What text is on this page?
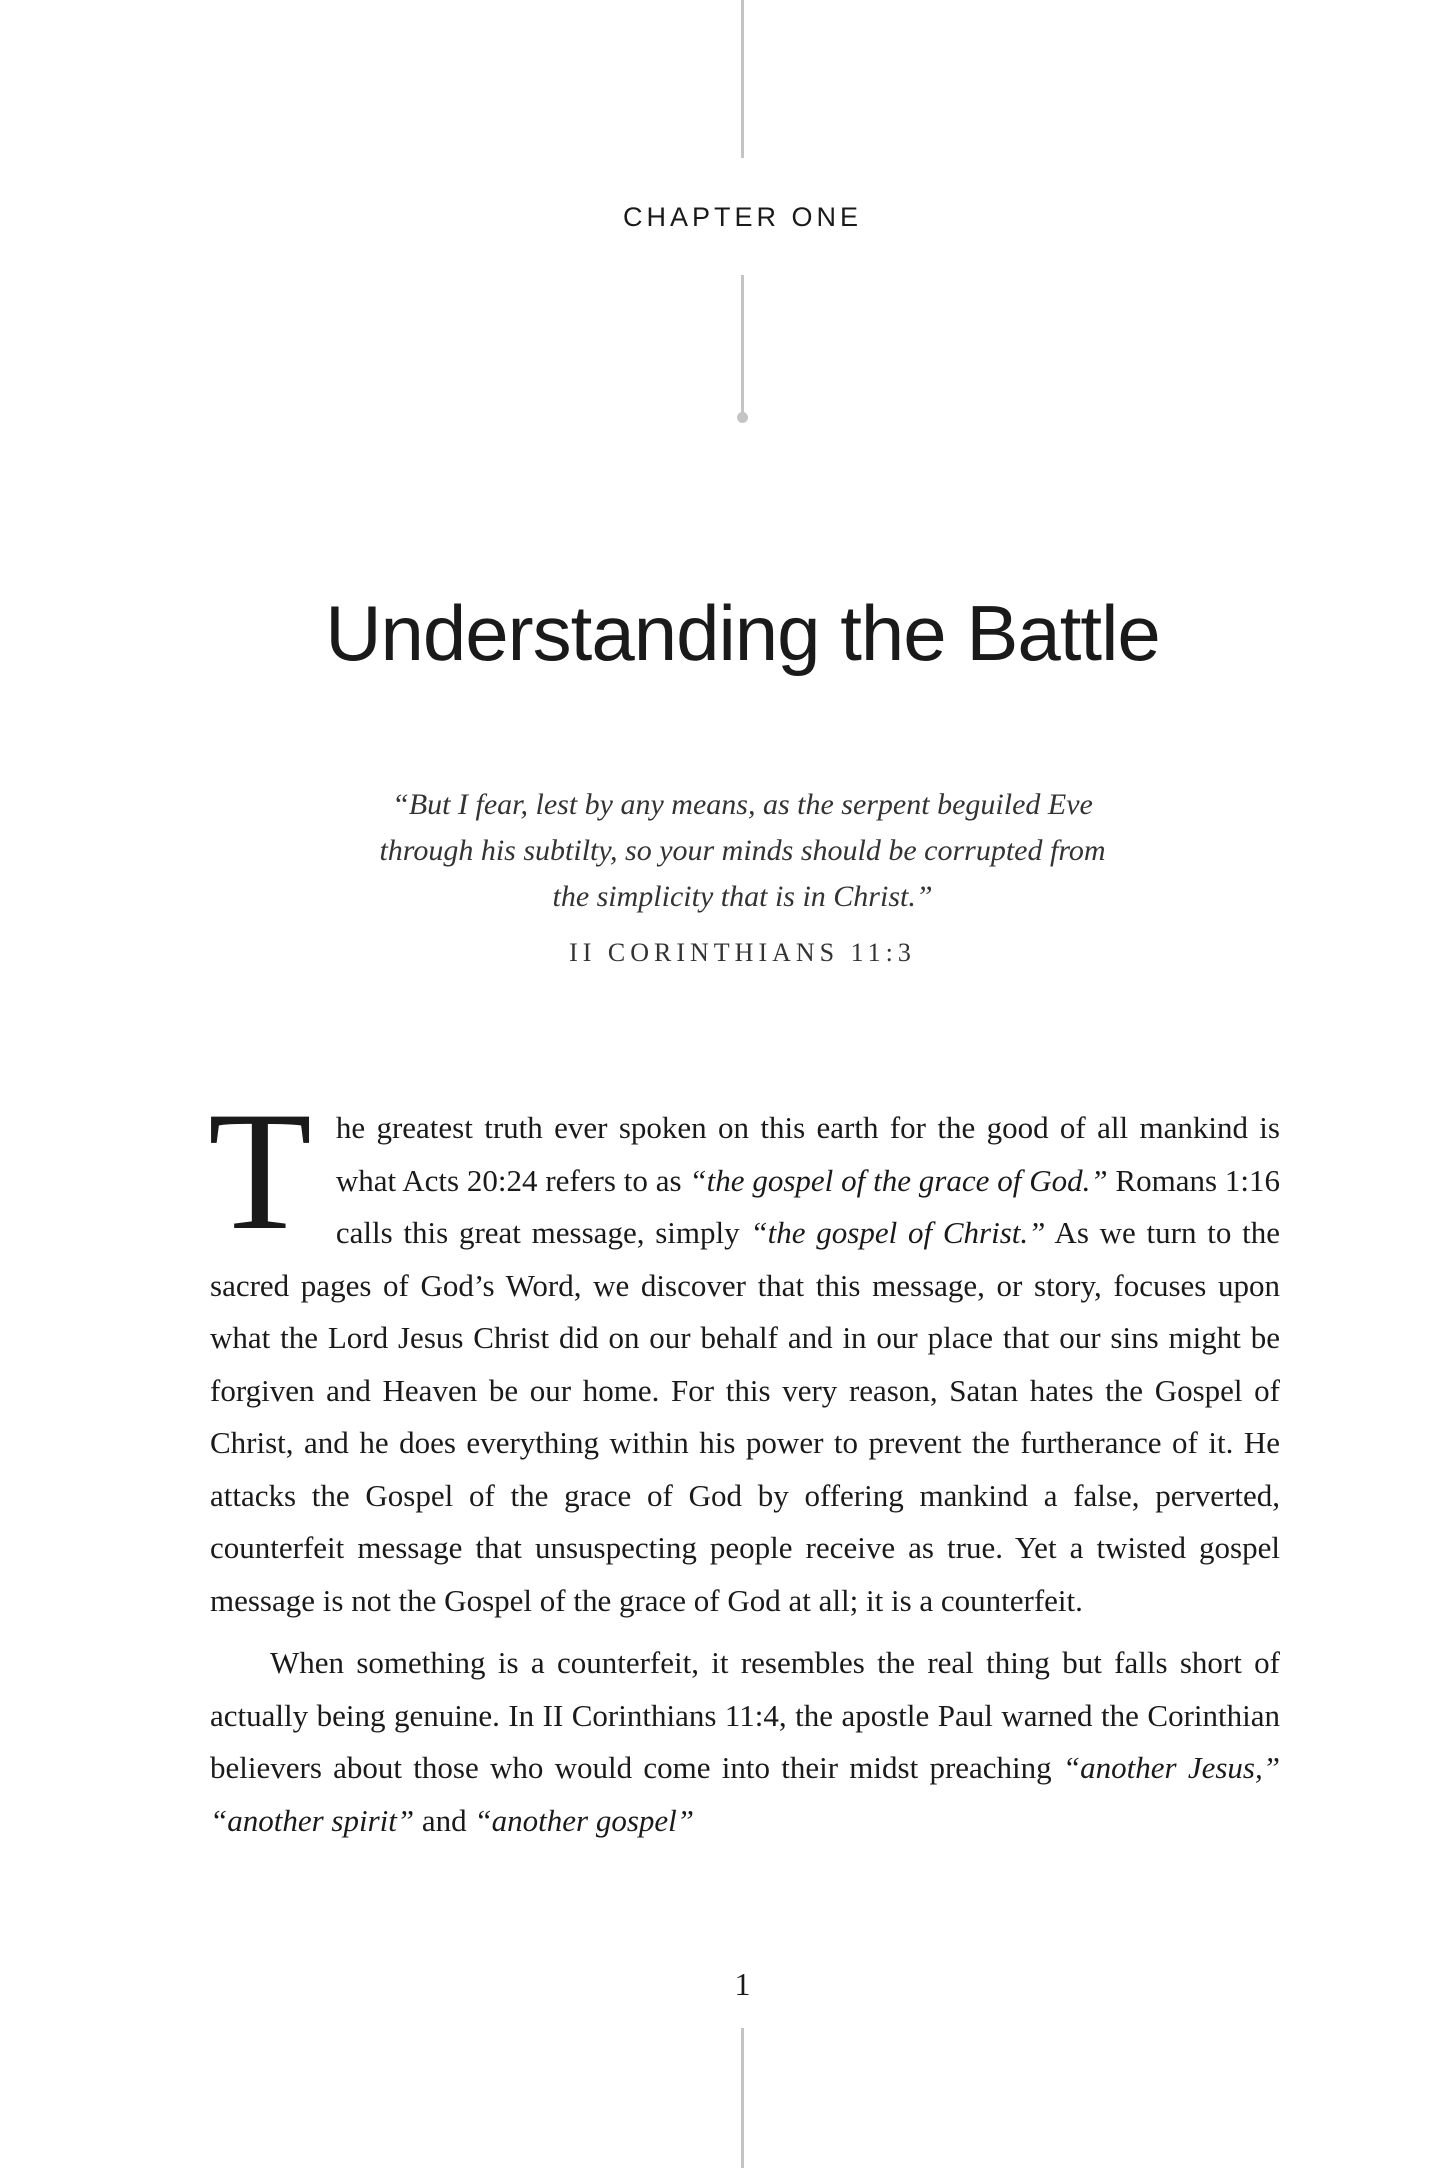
CHAPTER ONE
Understanding the Battle
“But I fear, lest by any means, as the serpent beguiled Eve
through his subtilty, so your minds should be corrupted from
the simplicity that is in Christ.”
II CORINTHIANS 11:3

The greatest truth ever spoken on this earth for the good of all mankind is what Acts 20:24 refers to as “the gospel of the grace of God.” Romans 1:16 calls this great message, simply “the gospel of Christ.” As we turn to the sacred pages of God’s Word, we discover that this message, or story, focuses upon what the Lord Jesus Christ did on our behalf and in our place that our sins might be forgiven and Heaven be our home. For this very reason, Satan hates the Gospel of Christ, and he does everything within his power to prevent the furtherance of it. He attacks the Gospel of the grace of God by offering mankind a false, perverted, counterfeit message that unsuspecting people receive as true. Yet a twisted gospel message is not the Gospel of the grace of God at all; it is a counterfeit.

When something is a counterfeit, it resembles the real thing but falls short of actually being genuine. In II Corinthians 11:4, the apostle Paul warned the Corinthian believers about those who would come into their midst preaching “another Jesus,” “another spirit” and “another gospel”

1
